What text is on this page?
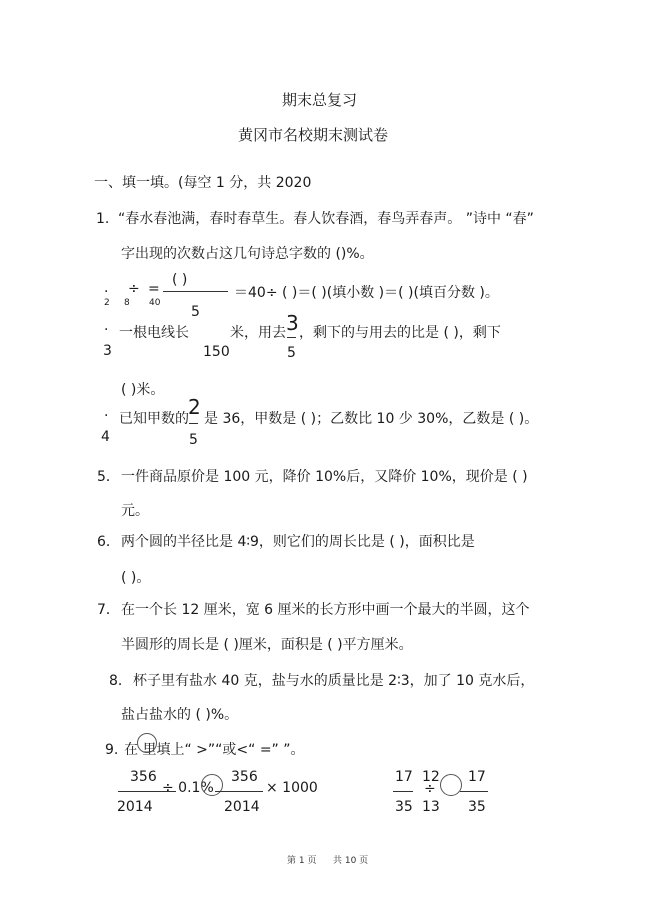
期末总复习
黄冈市名校期末测试卷
一、填一填。(每空 1 分，共 2020
1. “春水春池满，春时春草生。春人饮春酒，春鸟弄春声。 ”诗中 “春”
字出现的次数占这几句诗总字数的 ()%。
.
2
÷
8
=
40
( )
5
＝40÷ ( )＝( )(填小数 )＝( )(填百分数 )。
.
3
一根电线长
150
米，用去 3
5
，剩下的与用去的比是 ( )，剩下
( )米。
.
4
已知甲数的 2
5
是 36，甲数是 ( )；乙数比 10 少 30%，乙数是 ( )。
5． 一件商品原价是 100 元，降价 10%后，又降价 10%，现价是 ( )
元。
6． 两个圆的半径比是 4∶9，则它们的周长比是 ( )，面积比是
( )。
7． 在一个长 12 厘米，宽 6 厘米的长方形中画一个最大的半圆，这个
半圆形的周长是 ( )厘米，面积是 ( )平方厘米。
8． 杯子里有盐水 40 克，盐与水的质量比是 2∶3，加了 10 克水后，
盐占盐水的 ( )%。
9. 在 里填上“ >”“或<“ =” ”。
356
2014
÷ 0.1%
356
2014
× 1000
17
35
12
÷
13
17
35
第 1 页 共 10 页
